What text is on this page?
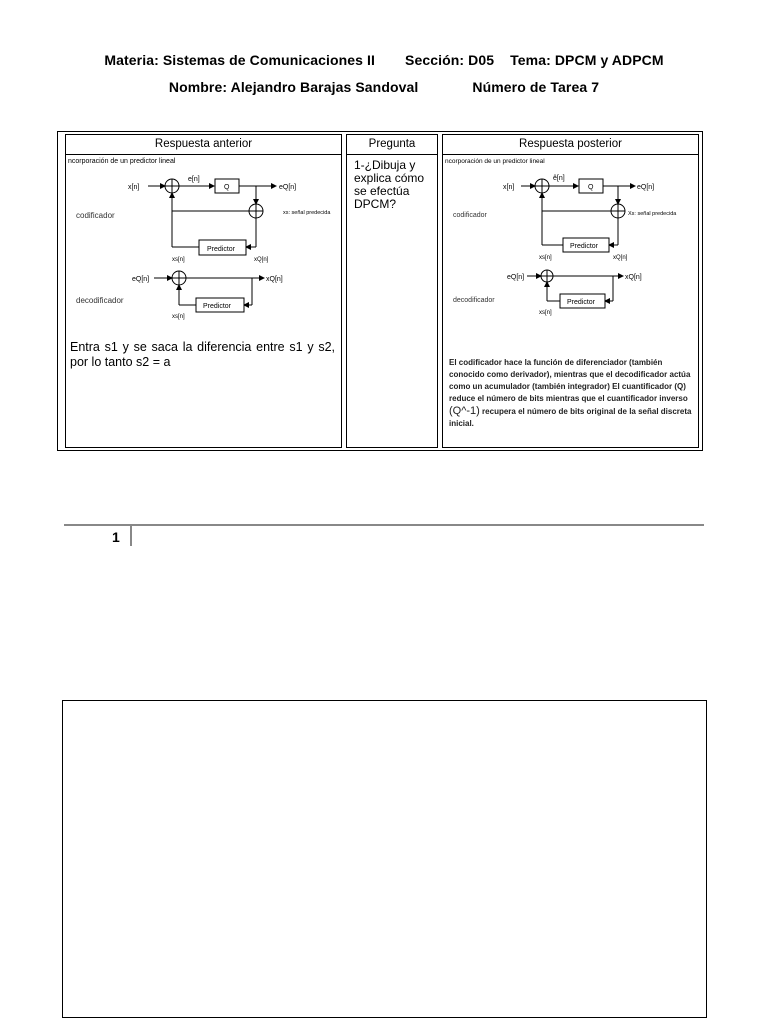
Materia: Sistemas de Comunicaciones II Sección: D05 Tema: DPCM y ADPCM
Nombre: Alejandro Barajas Sandoval	Número de Tarea 7
Respuesta anterior
ncorporación de un predictor lineal
codificador
x[n]
e[n]
Q	eQ[n]
xs: señal predecida
Predictor
xs[n]	xQ[n]
eQ[n]	xQ[n]
Predictor
xs[n]
decodificador
Entra s1 y se saca la diferencia entre s1 y s2, por lo tanto s2 = a
Pregunta
1-¿Dibuja y explica cómo se efectúa DPCM?
Respuesta posterior
ncorporación de un predictor lineal
codificador
x[n]
ê[n]
Q	eQ[n]
Xs: señal predecida
Predictor
xs[n]	xQ[n]
eQ[n]	xQ[n]
Predictor
xs[n]
decodificador
El codificador hace la función de diferenciador (también conocido como derivador), mientras que el decodificador actúa como un acumulador (también integrador) El cuantificador (Q) reduce el número de bits mientras que el cuantificador inverso (Q^-1) recupera el número de bits original de la señal discreta inicial.
1
